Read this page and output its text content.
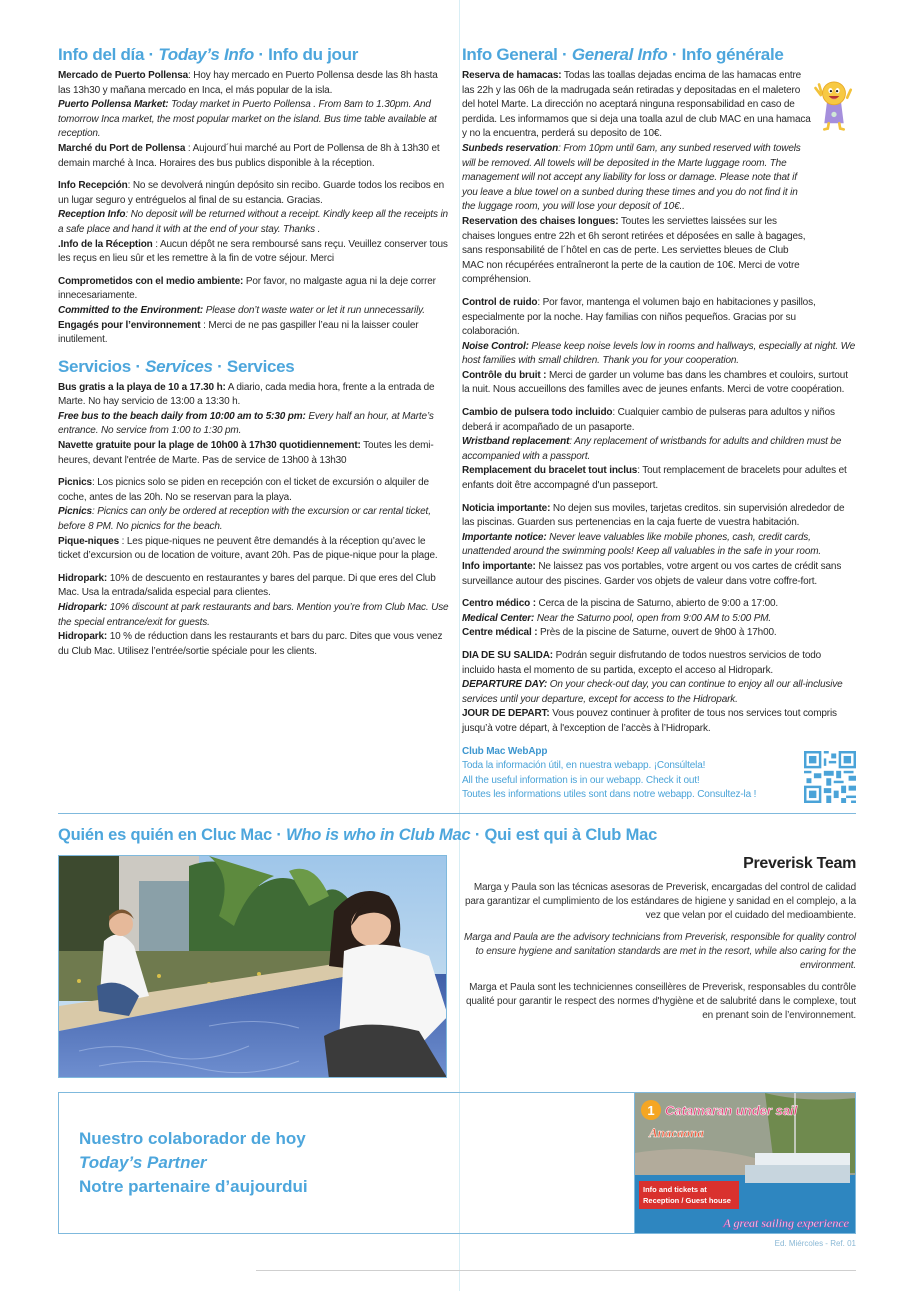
Info del día · Today’s Info · Info du jour

Mercado de Puerto Pollensa: Hoy hay mercado en Puerto Pollensa desde las 8h hasta las 13h30 y mañana mercado en Inca, el más popular de la isla.

Puerto Pollensa Market: Today market in Puerto Pollensa . From 8am to 1.30pm. And tomorrow Inca market, the most popular market on the island. Bus time table available at reception.

Marché du Port de Pollensa : Aujourd´hui marché au Port de Pollensa de 8h à 13h30 et demain marché à Inca. Horaires des bus publics disponible à la réception.

Info Recepción: No se devolverá ningún depósito sin recibo. Guarde todos los recibos en un lugar seguro y entréguelos al final de su estancia. Gracias.

Reception Info: No deposit will be returned without a receipt. Kindly keep all the receipts in a safe place and hand it with at the end of your stay. Thanks .

.Info de la Réception : Aucun dépôt ne sera remboursé sans reçu. Veuillez conserver tous les reçus en lieu sûr et les remettre à la fin de votre séjour. Merci

Comprometidos con el medio ambiente: Por favor, no malgaste agua ni la deje correr innecesariamente.

Committed to the Environment: Please don’t waste water or let it run unnecessarily.

Engagés pour l’environnement : Merci de ne pas gaspiller l’eau ni la laisser couler inutilement.

Servicios · Services · Services

Bus gratis a la playa de 10 a 17.30 h: A diario, cada media hora, frente a la entrada de Marte. No hay servicio de 13:00 a 13:30 h.

Free bus to the beach daily from 10:00 am to 5:30 pm: Every half an hour, at Marte’s entrance. No service from 1:00 to 1:30 pm.

Navette gratuite pour la plage de 10h00 à 17h30 quotidiennement: Toutes les demi-heures, devant l'entrée de Marte. Pas de service de 13h00 à 13h30

Picnics: Los picnics solo se piden en recepción con el ticket de excursión o alquiler de coche, antes de las 20h. No se reservan para la playa.

Picnics: Picnics can only be ordered at reception with the excursion or car rental ticket, before 8 PM. No picnics for the beach.

Pique-niques : Les pique-niques ne peuvent être demandés à la réception qu’avec le ticket d’excursion ou de location de voiture, avant 20h. Pas de pique-nique pour la plage.

Hidropark: 10% de descuento en restaurantes y bares del parque. Di que eres del Club Mac. Usa la entrada/salida especial para clientes.

Hidropark: 10% discount at park restaurants and bars. Mention you’re from Club Mac. Use the special entrance/exit for guests.

Hidropark: 10 % de réduction dans les restaurants et bars du parc. Dites que vous venez du Club Mac. Utilisez l’entrée/sortie spéciale pour les clients.

Info General · General Info · Info générale

Reserva de hamacas: Todas las toallas dejadas encima de las hamacas entre las 22h y las 06h de la madrugada seán retiradas y depositadas en el maletero del hotel Marte. La dirección no aceptará ninguna responsabilidad en caso de perdida. Les informamos que si deja una toalla azul de club MAC en una hamaca y no la encuentra, perderá su deposito de 10€.

Sunbeds reservation: From 10pm until 6am, any sunbed reserved with towels will be removed. All towels will be deposited in the Marte luggage room. The management will not accept any liability for loss or damage. Please note that if you leave a blue towel on a sunbed during these times and you do not find it in the luggage room, you will lose your deposit of 10€..

Reservation des chaises longues: Toutes les serviettes laissées sur les chaises longues entre 22h et 6h seront retirées et déposées en salle à bagages, sans responsabilité de l´hôtel en cas de perte. Les serviettes bleues de Club MAC non récupérées entraîneront la perte de la caution de 10€. Merci de votre compréhension.

Control de ruido: Por favor, mantenga el volumen bajo en habitaciones y pasillos, especialmente por la noche. Hay familias con niños pequeños. Gracias por su colaboración.

Noise Control: Please keep noise levels low in rooms and hallways, especially at night. We host families with small children. Thank you for your cooperation.

Contrôle du bruit : Merci de garder un volume bas dans les chambres et couloirs, surtout la nuit. Nous accueillons des familles avec de jeunes enfants. Merci de votre coopération.

Cambio de pulsera todo incluido: Cualquier cambio de pulseras para adultos y niños deberá ir acompañado de un pasaporte.

Wristband replacement: Any replacement of wristbands for adults and children must be accompanied with a passport.

Remplacement du bracelet tout inclus: Tout remplacement de bracelets pour adultes et enfants doit être accompagné d'un passeport.

Noticia importante: No dejen sus moviles, tarjetas creditos. sin supervisión alrededor de las piscinas. Guarden sus pertenencias en la caja fuerte de vuestra habitación.

Importante notice: Never leave valuables like mobile phones, cash, credit cards, unattended around the swimming pools! Keep all valuables in the safe in your room.

Info importante: Ne laissez pas vos portables, votre argent ou vos cartes de crédit sans surveillance autour des piscines. Garder vos objets de valeur dans votre coffre-fort.

Centro médico : Cerca de la piscina de Saturno, abierto de 9:00 a 17:00.

Medical Center: Near the Saturno pool, open from 9:00 AM to 5:00 PM.

Centre médical : Près de la piscine de Saturne, ouvert de 9h00 à 17h00.

DIA DE SU SALIDA: Podrán seguir disfrutando de todos nuestros servicios de todo incluido hasta el momento de su partida, excepto el acceso al Hidropark.

DEPARTURE DAY: On your check-out day, you can continue to enjoy all our all-inclusive services until your departure, except for access to the Hidropark.

JOUR DE DEPART: Vous pouvez continuer à profiter de tous nos services tout compris jusqu’à votre départ, à l'exception de l’accès à l’Hidropark.

Club Mac WebApp

Toda la información útil, en nuestra webapp. ¡Consúltela!

All the useful information is in our webapp. Check it out!

Toutes les informations utiles sont dans notre webapp. Consultez-la !

Quién es quién en Cluc Mac · Who is who in Club Mac · Qui est qui à Club Mac
Preverisk Team

Marga y Paula son las técnicas asesoras de Preverisk, encargadas del control de calidad para garantizar el cumplimiento de los estándares de higiene y sanidad en el complejo, a la vez que velan por el cuidado del medioambiente.

Marga and Paula are the advisory technicians from Preverisk, responsible for quality control to ensure hygiene and sanitation standards are met in the resort, while also caring for the environment.

Marga et Paula sont les techniciennes conseillères de Preverisk, responsables du contrôle qualité pour garantir le respect des normes d'hygiène et de salubrité dans le complexe, tout en prenant soin de l’environnement.

Nuestro colaborador de hoy
Today’s Partner
Notre partenaire d’aujourdui
1 Catamaran under sail
Anacaona
Info and tickets at Reception / Guest house
A great sailing experience
Ed. Miércoles - Ref. 01
